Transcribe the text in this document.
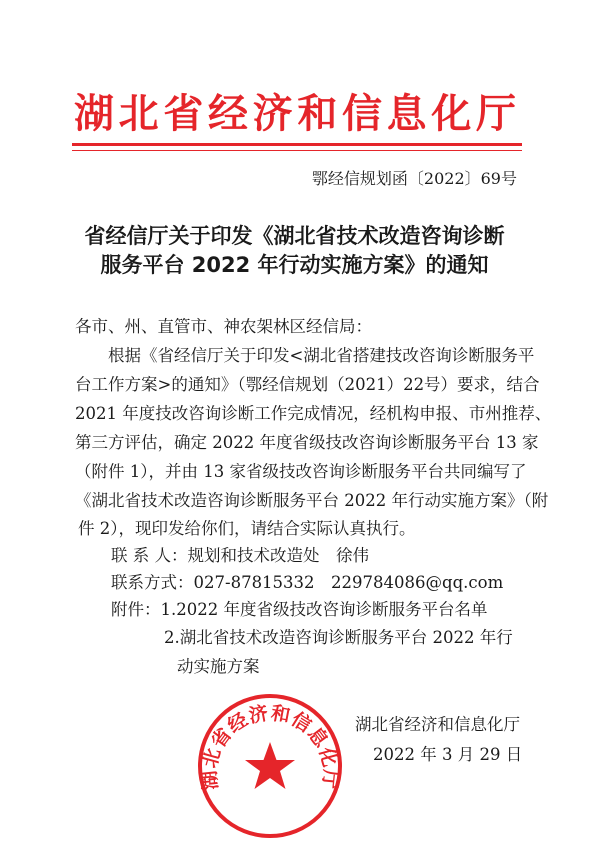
湖北省经济和信息化厅
鄂经信规划函〔2022〕69号
省经信厅关于印发《湖北省技术改造咨询诊断
服务平台 2022 年行动实施方案》的通知
各市、州、直管市、神农架林区经信局：
根据《省经信厅关于印发<湖北省搭建技改咨询诊断服务平
台工作方案>的通知》（鄂经信规划（2021）22号）要求，结合
2021 年度技改咨询诊断工作完成情况，经机构申报、市州推荐、
第三方评估，确定 2022 年度省级技改咨询诊断服务平台 13 家
（附件 1），并由 13 家省级技改咨询诊断服务平台共同编写了
《湖北省技术改造咨询诊断服务平台 2022 年行动实施方案》（附
件 2），现印发给你们，请结合实际认真执行。
联 系 人：规划和技术改造处　徐伟
联系方式：027-87815332　229784086@qq.com
附件：1.2022 年度省级技改咨询诊断服务平台名单
2.湖北省技术改造咨询诊断服务平台 2022 年行
动实施方案
湖北省经济和信息化厅
2022 年 3 月 29 日
湖北省经济和信息化厅
